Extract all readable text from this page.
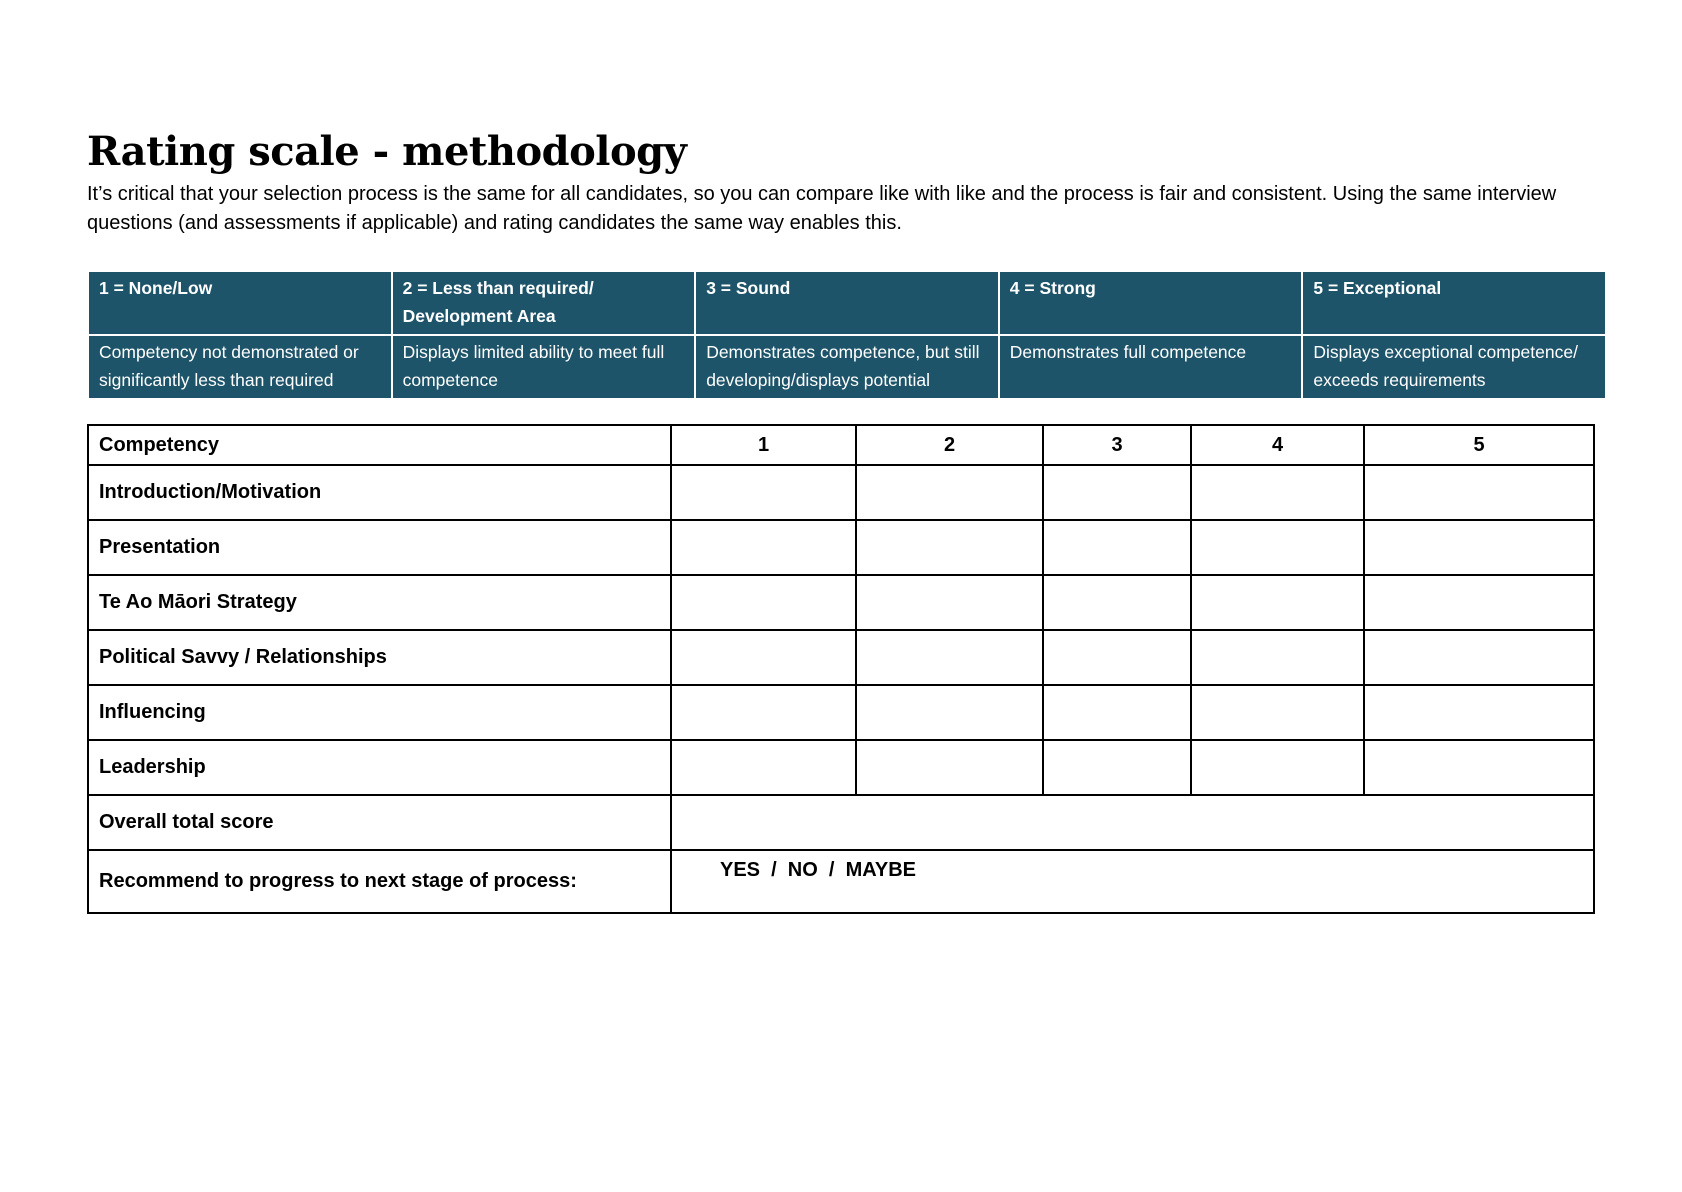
Rating scale - methodology

It’s critical that your selection process is the same for all candidates, so you can compare like with like and the process is fair and consistent. Using the same interview questions (and assessments if applicable) and rating candidates the same way enables this.

1 = None/Low	2 = Less than required/ Development Area	3 = Sound	4 = Strong	5 = Exceptional
Competency not demonstrated or significantly less than required	Displays limited ability to meet full competence	Demonstrates competence, but still developing/displays potential	Demonstrates full competence	Displays exceptional competence/ exceeds requirements
Competency	1	2	3	4	5
Introduction/Motivation					
Presentation					
Te Ao Māori Strategy					
Political Savvy / Relationships					
Influencing					
Leadership					
Overall total score					
Recommend to progress to next stage of process:	YES  /  NO  /  MAYBE				
